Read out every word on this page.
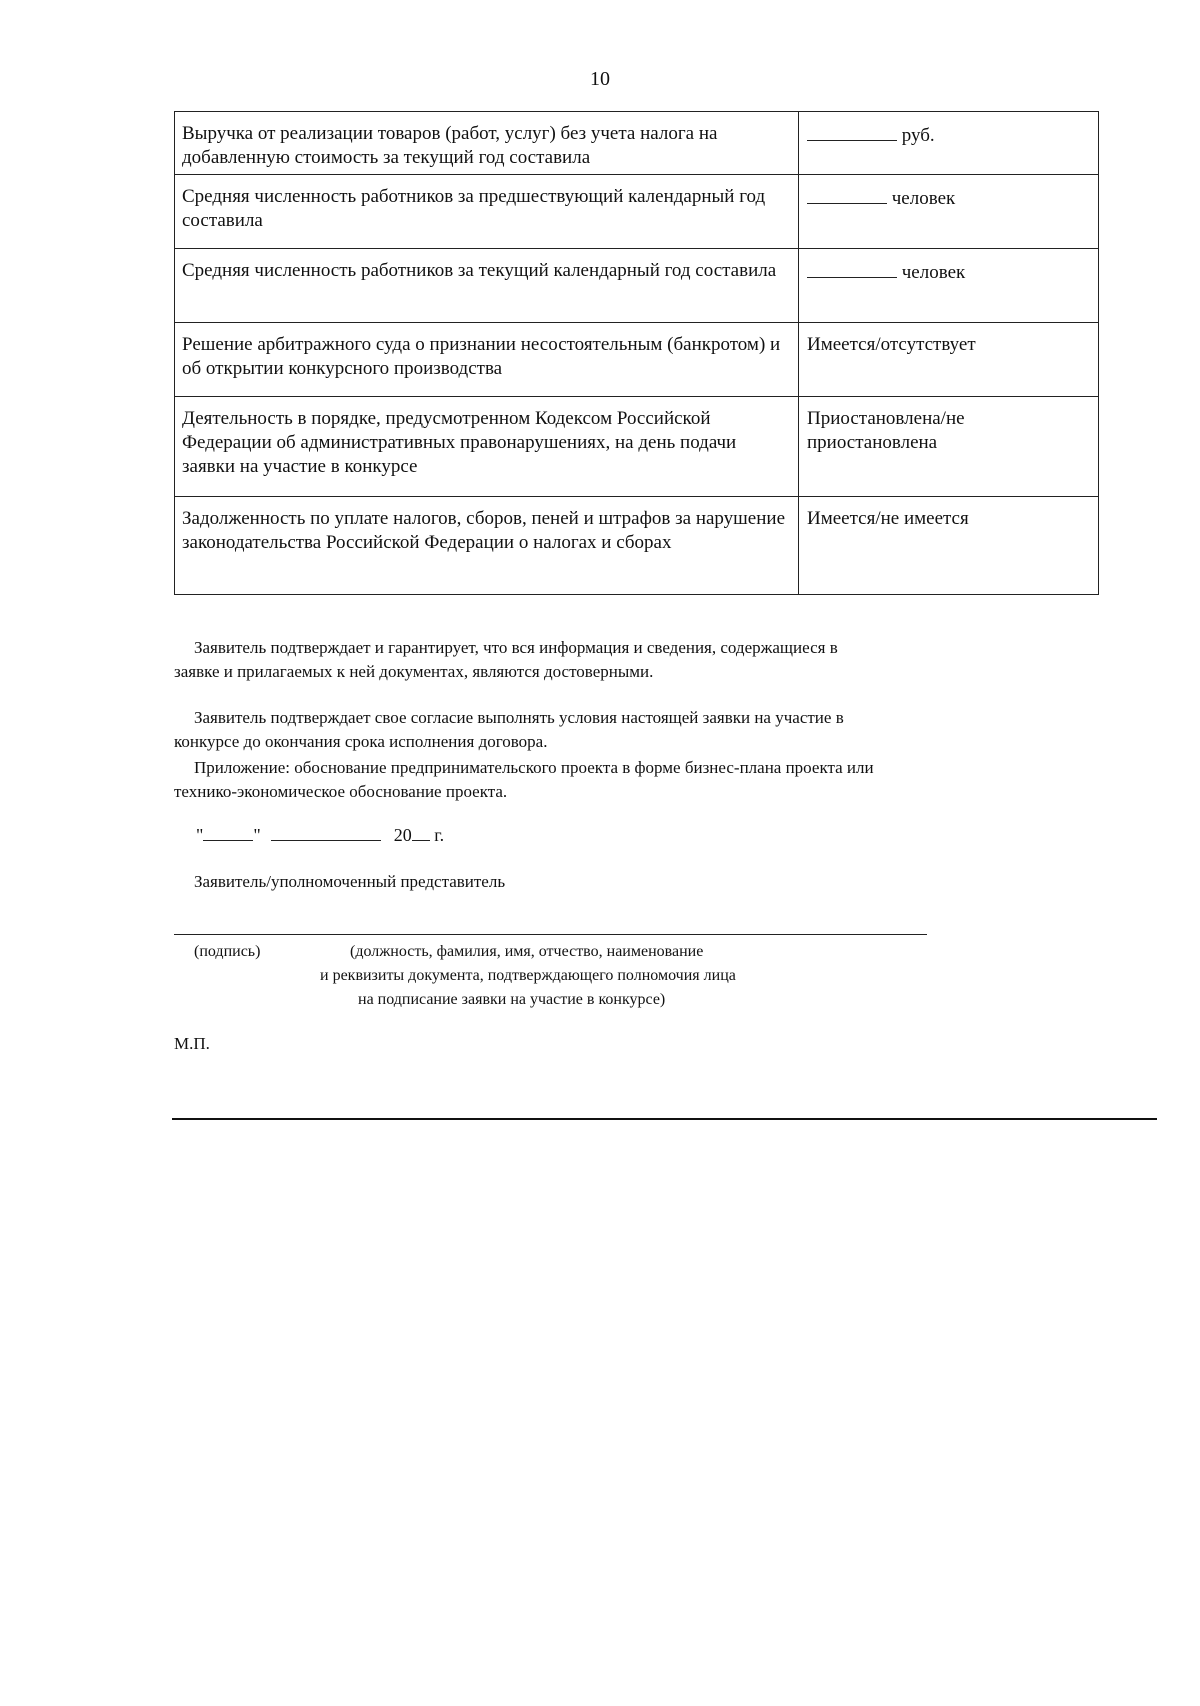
10
Выручка от реализации товаров (работ, услуг) без учета налога на добавленную стоимость за текущий год составила	руб.
Средняя численность работников за предшествующий календарный год составила	человек
Средняя численность работников за текущий календарный год составила	человек
Решение арбитражного суда о признании несостоятельным (банкротом) и об открытии конкурсного производства	Имеется/отсутствует
Деятельность в порядке, предусмотренном Кодексом Российской Федерации об административных правонарушениях, на день подачи заявки на участие в конкурсе	Приостановлена/не приостановлена
Задолженность по уплате налогов, сборов, пеней и штрафов за нарушение законодательства Российской Федерации о налогах и сборах	Имеется/не имеется

Заявитель подтверждает и гарантирует, что вся информация и сведения, содержащиеся в заявке и прилагаемых к ней документах, являются достоверными.

Заявитель подтверждает свое согласие выполнять условия настоящей заявки на участие в конкурсе до окончания срока исполнения договора.

Приложение: обоснование предпринимательского проекта в форме бизнес-плана проекта или технико-экономическое обоснование проекта.

"	"	20 г.
Заявитель/уполномоченный представитель
(подпись)	(должность, фамилия, имя, отчество, наименование
и реквизиты документа, подтверждающего полномочия лица
на подписание заявки на участие в конкурсе)
М.П.
